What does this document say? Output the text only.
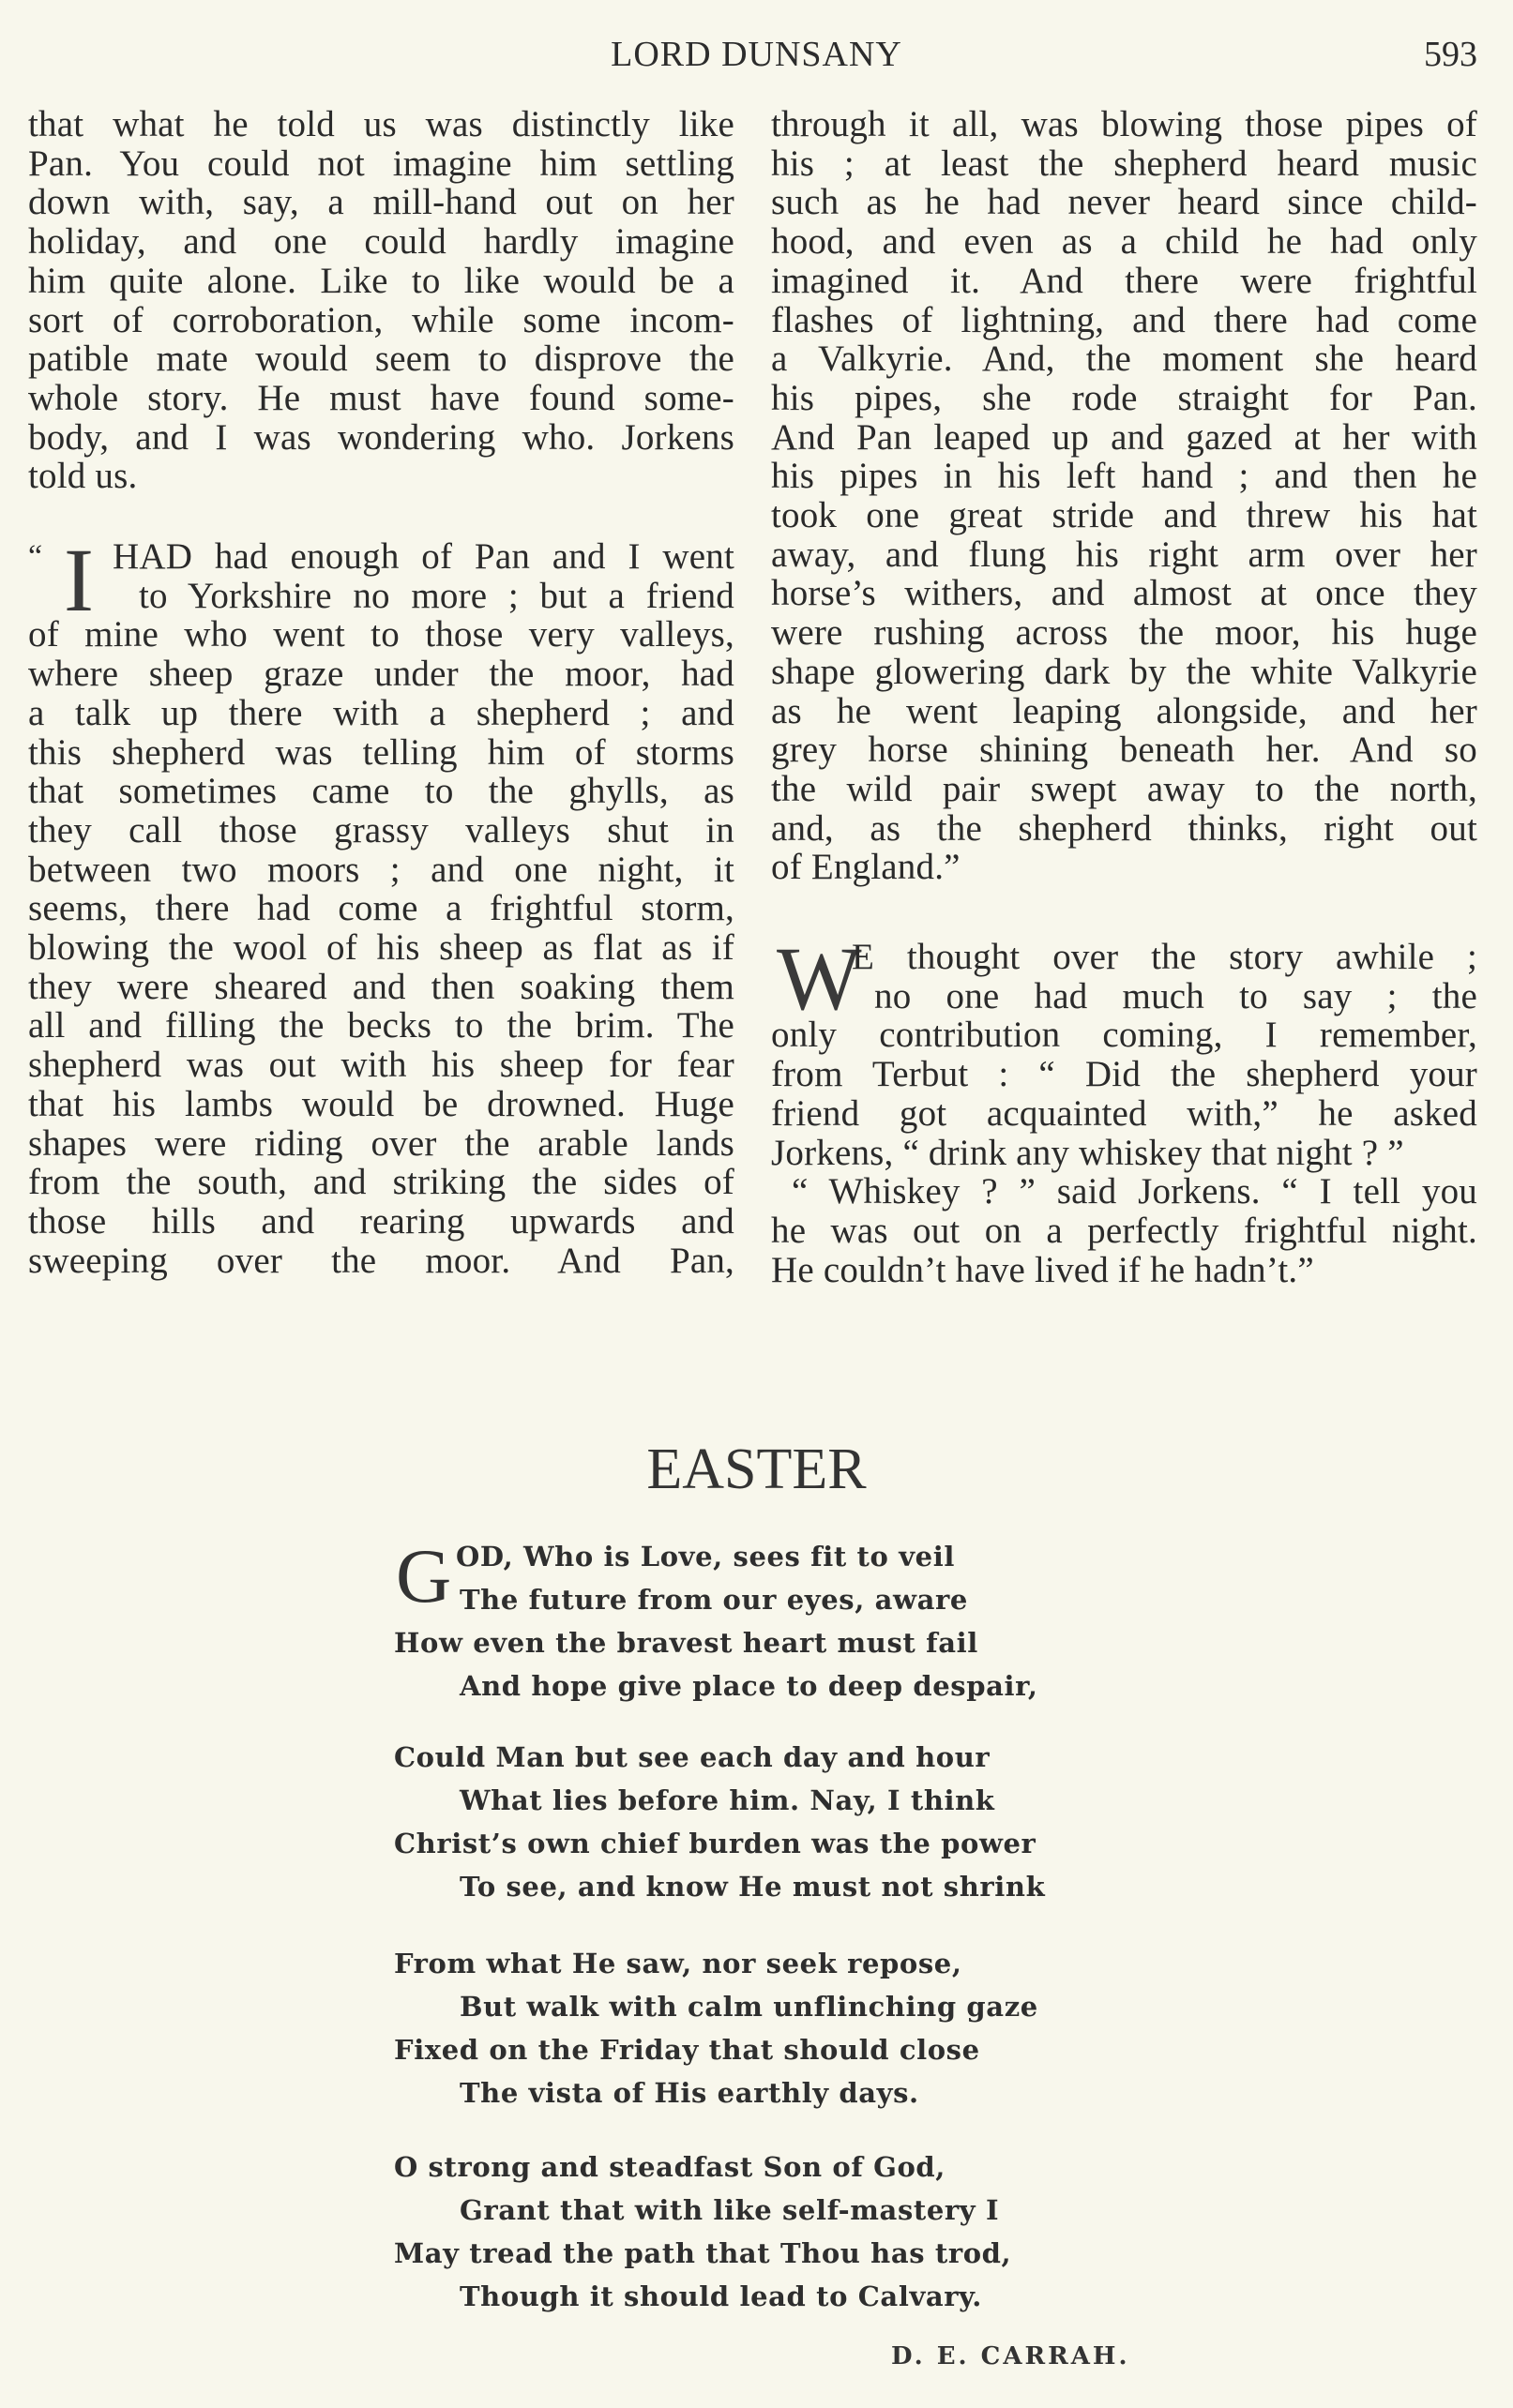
LORD DUNSANY	593
that what he told us was distinctly like
Pan. You could not imagine him settling
down with, say, a mill-hand out on her
holiday, and one could hardly imagine
him quite alone. Like to like would be a
sort of corroboration, while some incom-
patible mate would seem to disprove the
whole story. He must have found some-
body, and I was wondering who. Jorkens
told us.
“ I HAD had enough of Pan and I went
to Yorkshire no more ; but a friend
of mine who went to those very valleys,
where sheep graze under the moor, had
a talk up there with a shepherd ; and
this shepherd was telling him of storms
that sometimes came to the ghylls, as
they call those grassy valleys shut in
between two moors ; and one night, it
seems, there had come a frightful storm,
blowing the wool of his sheep as flat as if
they were sheared and then soaking them
all and filling the becks to the brim. The
shepherd was out with his sheep for fear
that his lambs would be drowned. Huge
shapes were riding over the arable lands
from the south, and striking the sides of
those hills and rearing upwards and
sweeping over the moor. And Pan,
through it all, was blowing those pipes of
his ; at least the shepherd heard music
such as he had never heard since child-
hood, and even as a child he had only
imagined it. And there were frightful
flashes of lightning, and there had come
a Valkyrie. And, the moment she heard
his pipes, she rode straight for Pan.
And Pan leaped up and gazed at her with
his pipes in his left hand ; and then he
took one great stride and threw his hat
away, and flung his right arm over her
horse’s withers, and almost at once they
were rushing across the moor, his huge
shape glowering dark by the white Valkyrie
as he went leaping alongside, and her
grey horse shining beneath her. And so
the wild pair swept away to the north,
and, as the shepherd thinks, right out
of England.”
W
E thought over the story awhile ;
no one had much to say ; the
only contribution coming, I remember,
from Terbut : “ Did the shepherd your
friend got acquainted with,” he asked
Jorkens, “ drink any whiskey that night ? ”
“ Whiskey ? ” said Jorkens. “ I tell you
he was out on a perfectly frightful night.
He couldn’t have lived if he hadn’t.”
EASTER
G OD, Who is Love, sees fit to veil
The future from our eyes, aware
How even the bravest heart must fail
And hope give place to deep despair,
Could Man but see each day and hour
What lies before him. Nay, I think
Christ’s own chief burden was the power
To see, and know He must not shrink
From what He saw, nor seek repose,
But walk with calm unflinching gaze
Fixed on the Friday that should close
The vista of His earthly days.
O strong and steadfast Son of God,
Grant that with like self-mastery I
May tread the path that Thou has trod,
Though it should lead to Calvary.
D. E. CARRAH.
